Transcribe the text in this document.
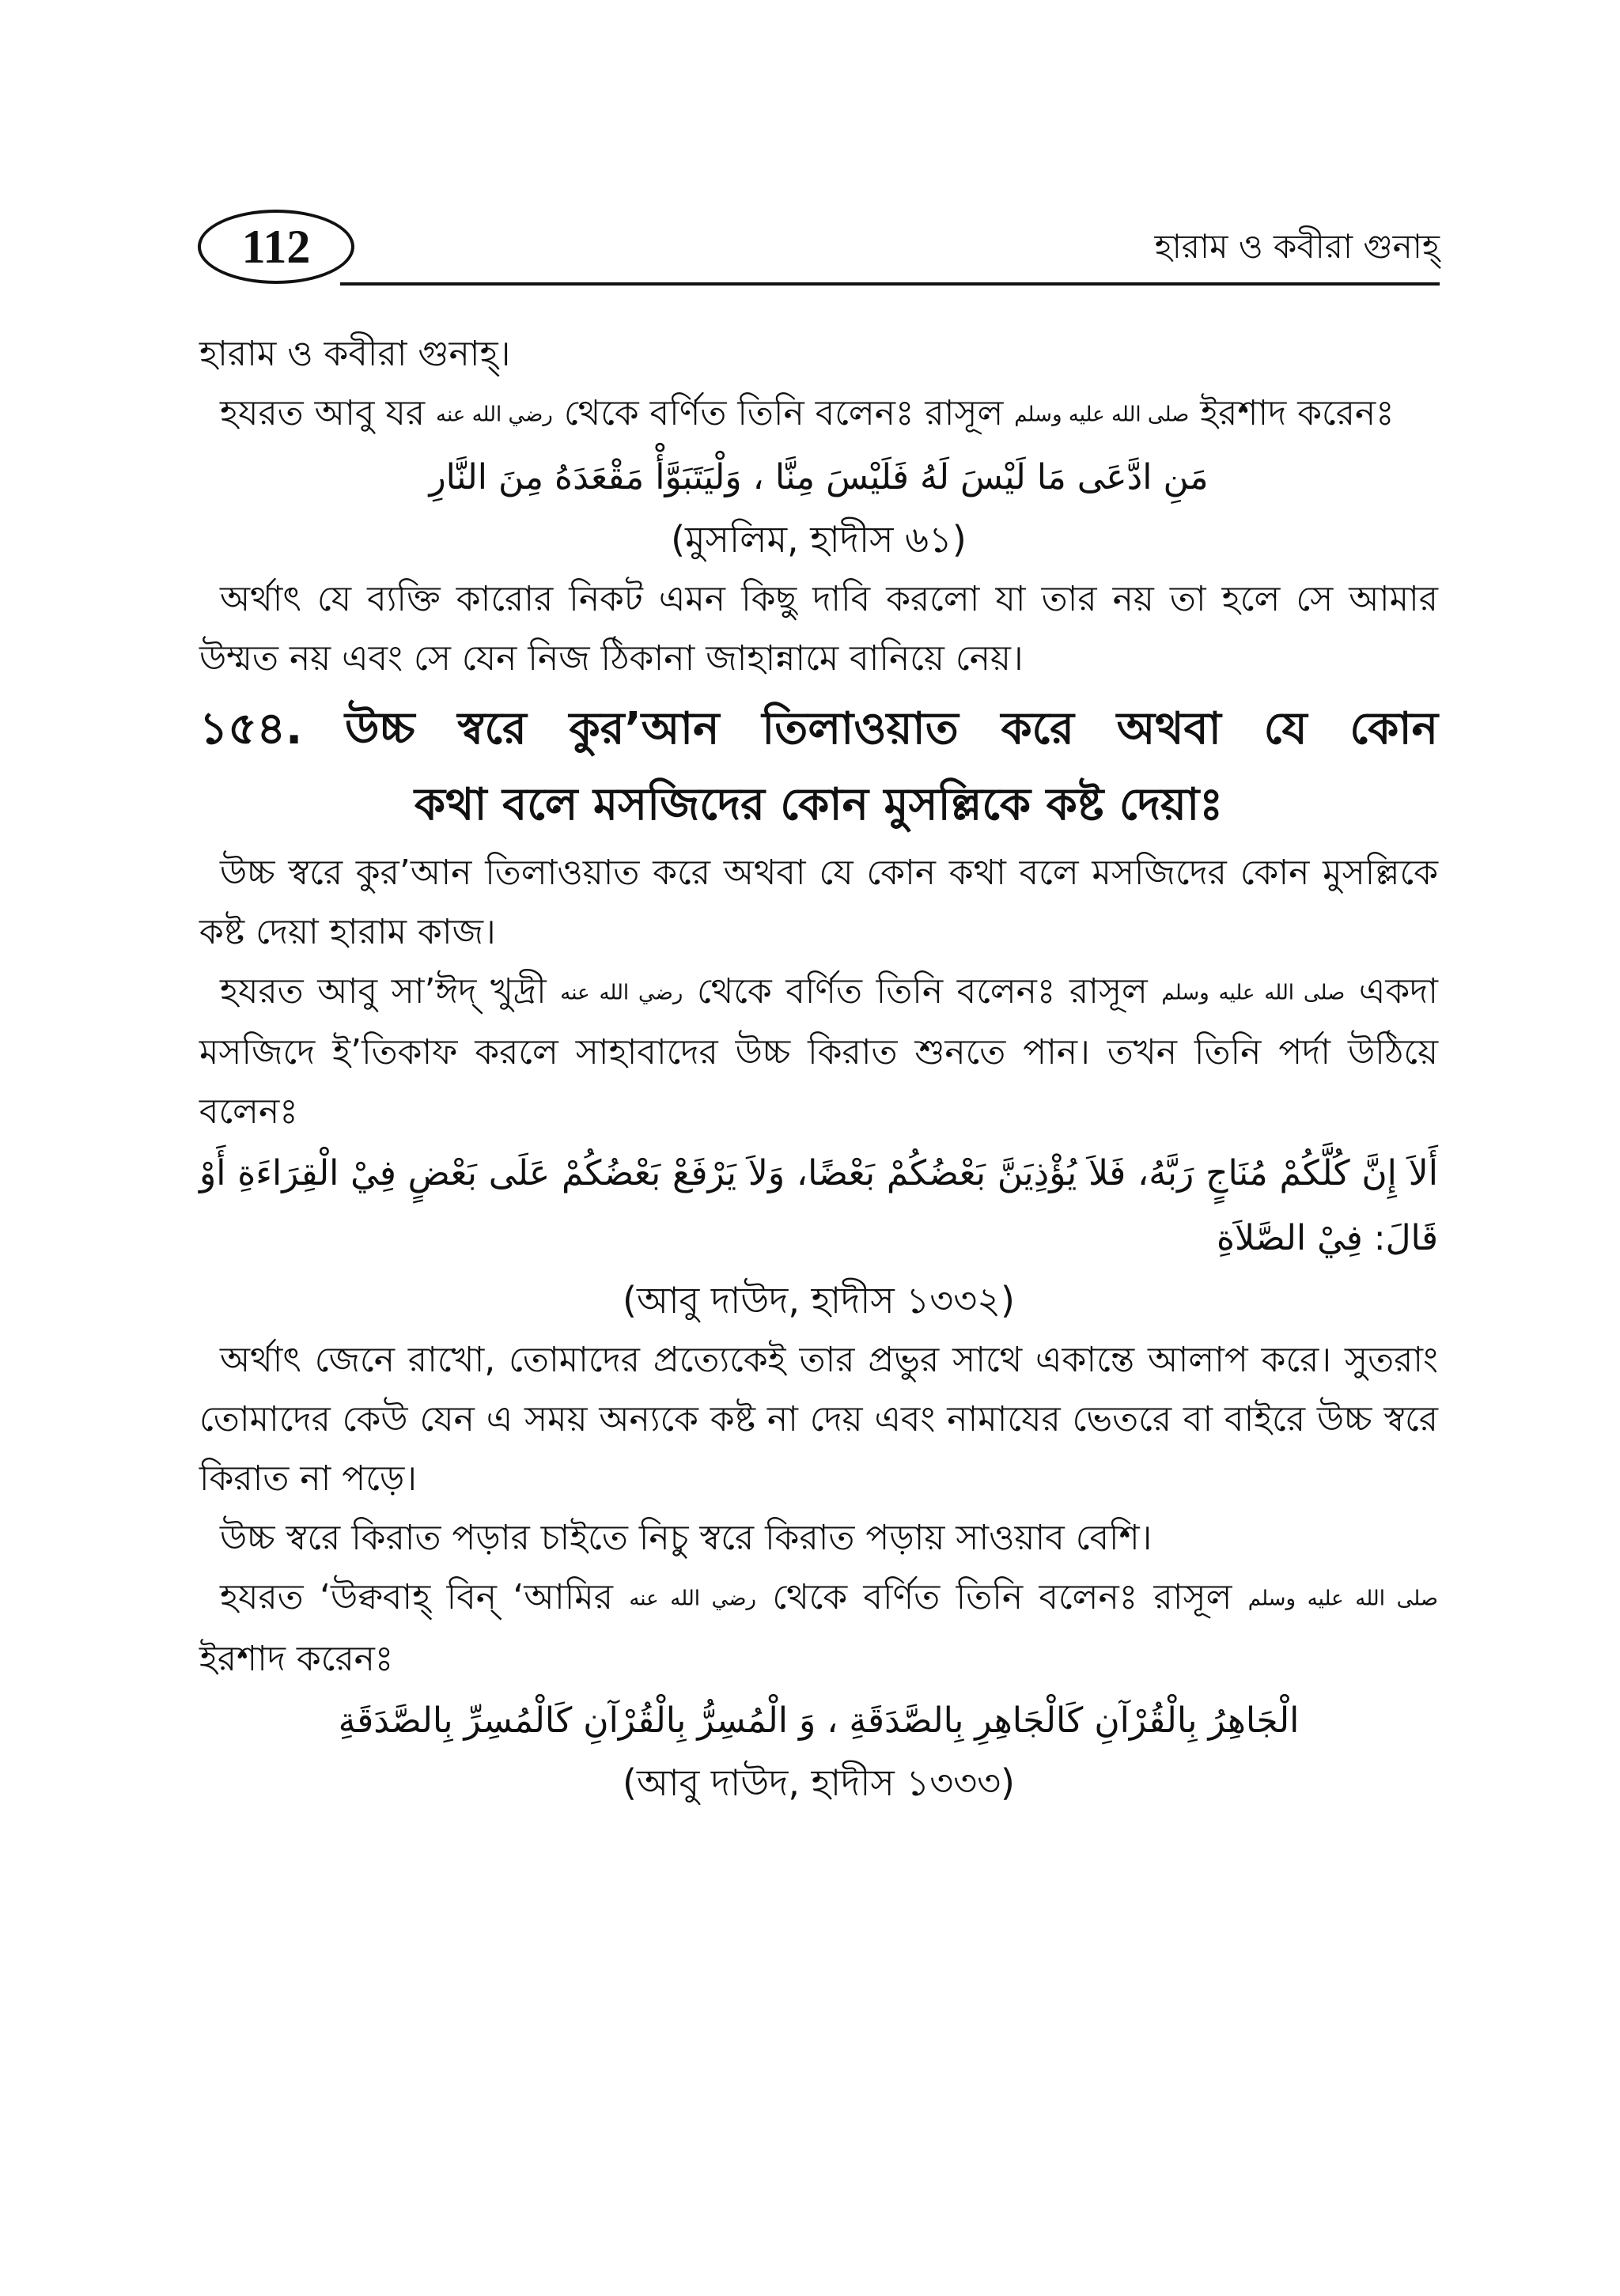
112	হারাম ও কবীরা গুনাহ্

হারাম ও কবীরা গুনাহ্।

হযরত আবু যর رضي الله عنه থেকে বর্ণিত তিনি বলেনঃ রাসূল صلى الله عليه وسلم ইরশাদ করেনঃ

مَنِ ادَّعَى مَا لَيْسَ لَهُ فَلَيْسَ مِنَّا ، وَلْيَتَبَوَّأْ مَقْعَدَهُ مِنَ النَّارِ

(মুসলিম, হাদীস ৬১)

অর্থাৎ যে ব্যক্তি কারোর নিকট এমন কিছু দাবি করলো যা তার নয় তা হলে সে আমার উম্মত নয় এবং সে যেন নিজ ঠিকানা জাহান্নামে বানিয়ে নেয়।

১৫৪. উচ্চ স্বরে কুর’আন তিলাওয়াত করে অথবা যে কোন
কথা বলে মসজিদের কোন মুসল্লিকে কষ্ট দেয়াঃ

উচ্চ স্বরে কুর’আন তিলাওয়াত করে অথবা যে কোন কথা বলে মসজিদের কোন মুসল্লিকে কষ্ট দেয়া হারাম কাজ।

হযরত আবু সা’ঈদ্ খুদ্রী رضي الله عنه থেকে বর্ণিত তিনি বলেনঃ রাসূল صلى الله عليه وسلم একদা মসজিদে ই’তিকাফ করলে সাহাবাদের উচ্চ কিরাত শুনতে পান। তখন তিনি পর্দা উঠিয়ে বলেনঃ

أَلاَ إِنَّ كُلَّكُمْ مُنَاجٍ رَبَّهُ، فَلاَ يُؤْذِيَنَّ بَعْضُكُمْ بَعْضًا، وَلاَ يَرْفَعْ بَعْضُكُمْ عَلَى بَعْضٍ فِيْ الْقِرَاءَةِ أَوْ قَالَ: فِيْ الصَّلاَةِ

(আবু দাউদ, হাদীস ১৩৩২)

অর্থাৎ জেনে রাখো, তোমাদের প্রত্যেকেই তার প্রভুর সাথে একান্তে আলাপ করে। সুতরাং তোমাদের কেউ যেন এ সময় অন্যকে কষ্ট না দেয় এবং নামাযের ভেতরে বা বাইরে উচ্চ স্বরে কিরাত না পড়ে।

উচ্চ স্বরে কিরাত পড়ার চাইতে নিচু স্বরে কিরাত পড়ায় সাওয়াব বেশি।

হযরত ‘উক্ববাহ্ বিন্ ‘আমির رضي الله عنه থেকে বর্ণিত তিনি বলেনঃ রাসূল صلى الله عليه وسلم ইরশাদ করেনঃ

الْجَاهِرُ بِالْقُرْآنِ كَالْجَاهِرِ بِالصَّدَقَةِ ، وَ الْمُسِرُّ بِالْقُرْآنِ كَالْمُسِرِّ بِالصَّدَقَةِ

(আবু দাউদ, হাদীস ১৩৩৩)
